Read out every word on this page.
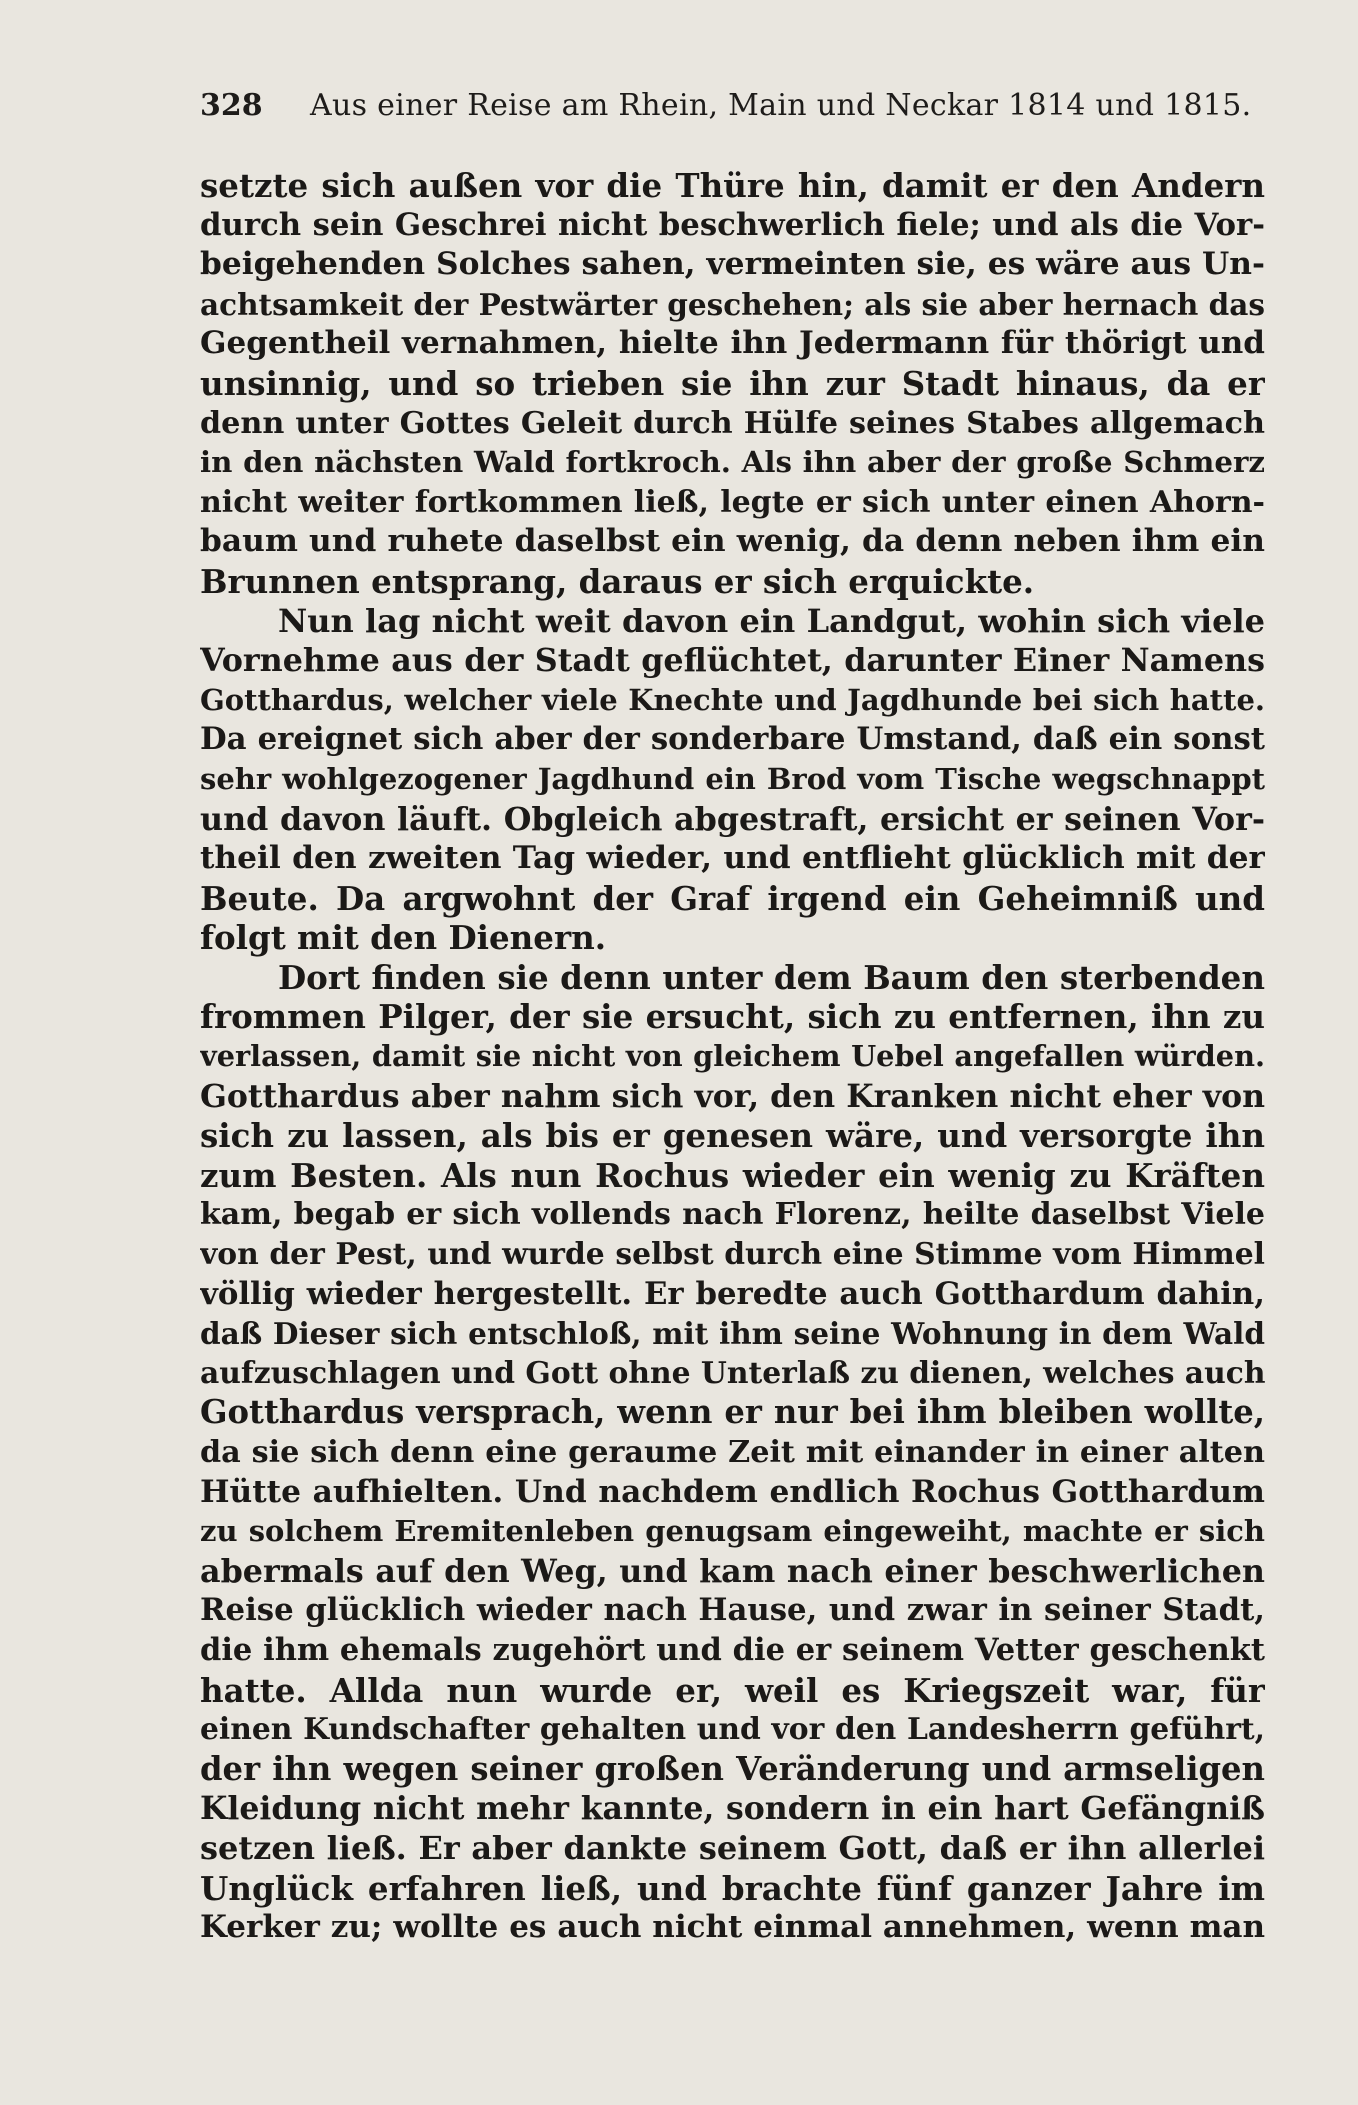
328 Aus einer Reise am Rhein, Main und Neckar 1814 und 1815.
setzte sich außen vor die Thüre hin, damit er den Andern
durch sein Geschrei nicht beschwerlich fiele; und als die Vor-
beigehenden Solches sahen, vermeinten sie, es wäre aus Un-
achtsamkeit der Pestwärter geschehen; als sie aber hernach das
Gegentheil vernahmen, hielte ihn Jedermann für thörigt und
unsinnig, und so trieben sie ihn zur Stadt hinaus, da er
denn unter Gottes Geleit durch Hülfe seines Stabes allgemach
in den nächsten Wald fortkroch. Als ihn aber der große Schmerz
nicht weiter fortkommen ließ, legte er sich unter einen Ahorn-
baum und ruhete daselbst ein wenig, da denn neben ihm ein
Brunnen entsprang, daraus er sich erquickte.
Nun lag nicht weit davon ein Landgut, wohin sich viele
Vornehme aus der Stadt geflüchtet, darunter Einer Namens
Gotthardus, welcher viele Knechte und Jagdhunde bei sich hatte.
Da ereignet sich aber der sonderbare Umstand, daß ein sonst
sehr wohlgezogener Jagdhund ein Brod vom Tische wegschnappt
und davon läuft. Obgleich abgestraft, ersicht er seinen Vor-
theil den zweiten Tag wieder, und entflieht glücklich mit der
Beute. Da argwohnt der Graf irgend ein Geheimniß und
folgt mit den Dienern.
Dort finden sie denn unter dem Baum den sterbenden
frommen Pilger, der sie ersucht, sich zu entfernen, ihn zu
verlassen, damit sie nicht von gleichem Uebel angefallen würden.
Gotthardus aber nahm sich vor, den Kranken nicht eher von
sich zu lassen, als bis er genesen wäre, und versorgte ihn
zum Besten. Als nun Rochus wieder ein wenig zu Kräften
kam, begab er sich vollends nach Florenz, heilte daselbst Viele
von der Pest, und wurde selbst durch eine Stimme vom Himmel
völlig wieder hergestellt. Er beredte auch Gotthardum dahin,
daß Dieser sich entschloß, mit ihm seine Wohnung in dem Wald
aufzuschlagen und Gott ohne Unterlaß zu dienen, welches auch
Gotthardus versprach, wenn er nur bei ihm bleiben wollte,
da sie sich denn eine geraume Zeit mit einander in einer alten
Hütte aufhielten. Und nachdem endlich Rochus Gotthardum
zu solchem Eremitenleben genugsam eingeweiht, machte er sich
abermals auf den Weg, und kam nach einer beschwerlichen
Reise glücklich wieder nach Hause, und zwar in seiner Stadt,
die ihm ehemals zugehört und die er seinem Vetter geschenkt
hatte. Allda nun wurde er, weil es Kriegszeit war, für
einen Kundschafter gehalten und vor den Landesherrn geführt,
der ihn wegen seiner großen Veränderung und armseligen
Kleidung nicht mehr kannte, sondern in ein hart Gefängniß
setzen ließ. Er aber dankte seinem Gott, daß er ihn allerlei
Unglück erfahren ließ, und brachte fünf ganzer Jahre im
Kerker zu; wollte es auch nicht einmal annehmen, wenn man
